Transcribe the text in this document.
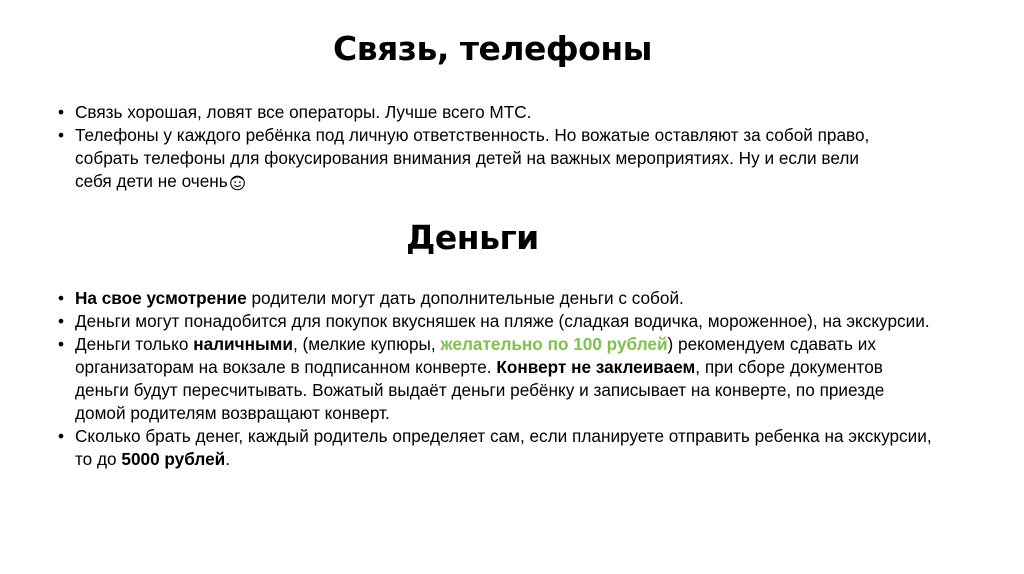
Связь, телефоны
• Связь хорошая, ловят все операторы. Лучше всего МТС.
• Телефоны у каждого ребёнка под личную ответственность. Но вожатые оставляют за собой право,
собрать телефоны для фокусирования внимания детей на важных мероприятиях. Ну и если вели
себя дети не очень
Деньги
• На свое усмотрение родители могут дать дополнительные деньги с собой.
• Деньги могут понадобится для покупок вкусняшек на пляже (сладкая водичка, мороженное), на экскурсии.
• Деньги только наличными, (мелкие купюры, желательно по 100 рублей) рекомендуем сдавать их
организаторам на вокзале в подписанном конверте. Конверт не заклеиваем, при сборе документов
деньги будут пересчитывать. Вожатый выдаёт деньги ребёнку и записывает на конверте, по приезде
домой родителям возвращают конверт.
• Сколько брать денег, каждый родитель определяет сам, если планируете отправить ребенка на экскурсии,
то до 5000 рублей.
